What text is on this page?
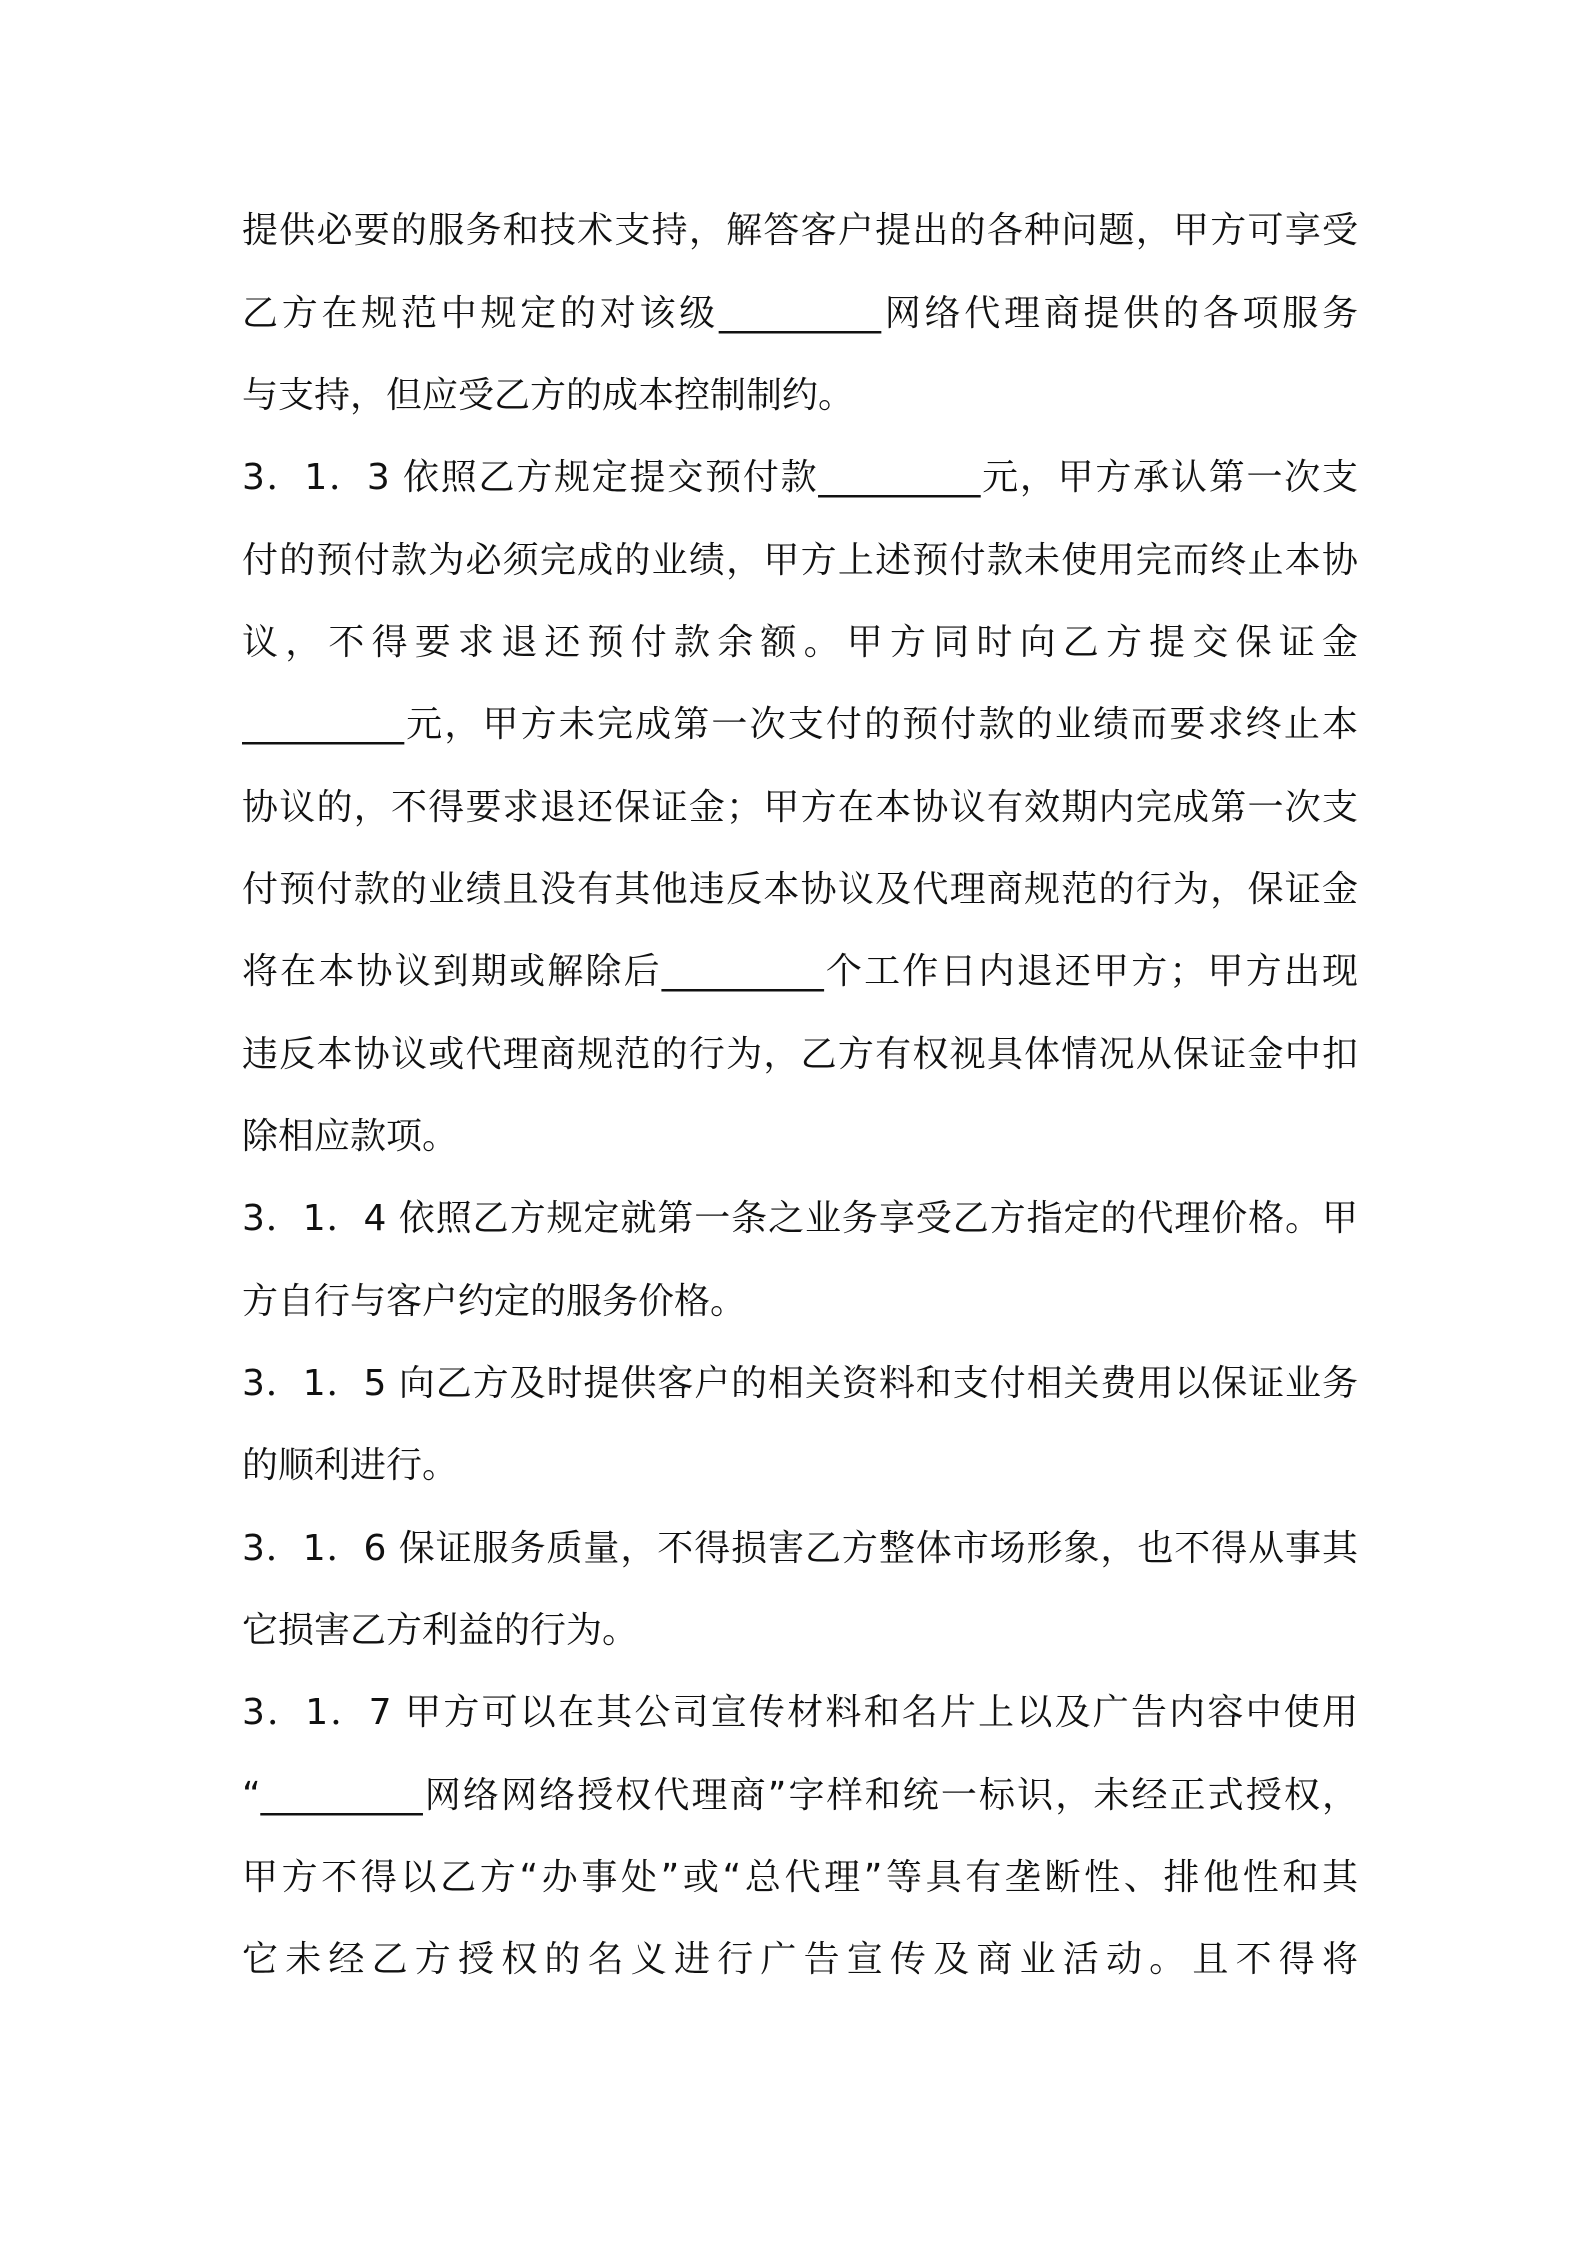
提供必要的服务和技术支持，解答客户提出的各种问题，甲方可享受
乙方在规范中规定的对该级_________网络代理商提供的各项服务
与支持，但应受乙方的成本控制制约。
3．1．3 依照乙方规定提交预付款_________元，甲方承认第一次支
付的预付款为必须完成的业绩，甲方上述预付款未使用完而终止本协
议，不得要求退还预付款余额。甲方同时向乙方提交保证金
_________元，甲方未完成第一次支付的预付款的业绩而要求终止本
协议的，不得要求退还保证金；甲方在本协议有效期内完成第一次支
付预付款的业绩且没有其他违反本协议及代理商规范的行为，保证金
将在本协议到期或解除后_________个工作日内退还甲方；甲方出现
违反本协议或代理商规范的行为，乙方有权视具体情况从保证金中扣
除相应款项。
3．1．4 依照乙方规定就第一条之业务享受乙方指定的代理价格。甲
方自行与客户约定的服务价格。
3．1．5 向乙方及时提供客户的相关资料和支付相关费用以保证业务
的顺利进行。
3．1．6 保证服务质量，不得损害乙方整体市场形象，也不得从事其
它损害乙方利益的行为。
3．1．7 甲方可以在其公司宣传材料和名片上以及广告内容中使用
“_________网络网络授权代理商”字样和统一标识，未经正式授权，
甲方不得以乙方“办事处”或“总代理”等具有垄断性、排他性和其
它未经乙方授权的名义进行广告宣传及商业活动。且不得将
